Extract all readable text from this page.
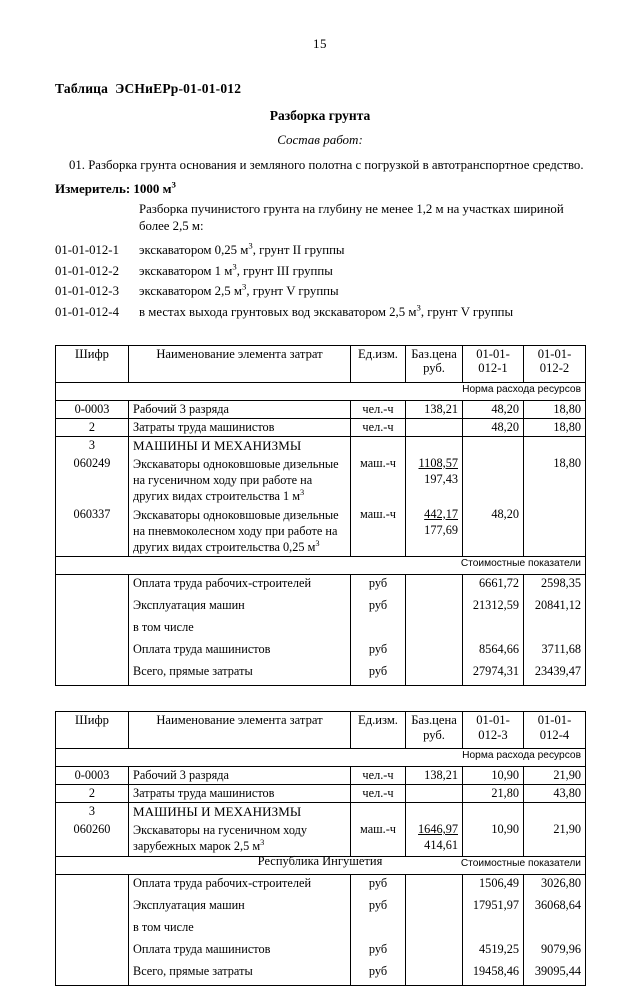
15
Таблица ЭСНиЕРр-01-01-012
Разборка грунта
Состав работ:
01. Разборка грунта основания и земляного полотна с погрузкой в автотранспортное средство.
Измеритель: 1000 $м^3$
Разборка пучинистого грунта на глубину не менее 1,2 м на участках шириной более 2,5 м:
01-01-012-1	экскаватором 0,25 $м^3$, грунт II группы
01-01-012-2	экскаватором 1 $м^3$, грунт III группы
01-01-012-3	экскаватором 2,5 $м^3$, грунт V группы
01-01-012-4	в местах выхода грунтовых вод экскаватором 2,5 $м^3$, грунт V группы
Шифр	Наименование элемента затрат	Ед.изм.	Баз.цена
руб.	01-01-012-1	01-01-012-2
Норма расхода ресурсов					
0-0003	Рабочий 3 разряда	чел.-ч	138,21	48,20	18,80
2	Затраты труда машинистов	чел.-ч		48,20	18,80
3	МАШИНЫ И МЕХАНИЗМЫ				
060249	Экскаваторы одноковшовые дизельные на гусеничном ходу при работе на других видах строительства 1 $м^3$	маш.-ч	1108,57
197,43		18,80
060337	Экскаваторы одноковшовые дизельные на пневмоколесном ходу при работе на других видах строительства 0,25 $м^3$	маш.-ч	442,17
177,69	48,20	
Стоимостные показатели					
	Оплата труда рабочих-строителей	руб		6661,72	2598,35
	Эксплуатация машин	руб		21312,59	20841,12
	в том числе				
	Оплата труда машинистов	руб		8564,66	3711,68
	Всего, прямые затраты	руб		27974,31	23439,47
Шифр	Наименование элемента затрат	Ед.изм.	Баз.цена
руб.	01-01-012-3	01-01-012-4
Норма расхода ресурсов					
0-0003	Рабочий 3 разряда	чел.-ч	138,21	10,90	21,90
2	Затраты труда машинистов	чел.-ч		21,80	43,80
3	МАШИНЫ И МЕХАНИЗМЫ				
060260	Экскаваторы на гусеничном ходу зарубежных марок 2,5 $м^3$	маш.-ч	1646,97
414,61	10,90	21,90
Стоимостные показатели					
	Оплата труда рабочих-строителей	руб		1506,49	3026,80
	Эксплуатация машин	руб		17951,97	36068,64
	в том числе				
	Оплата труда машинистов	руб		4519,25	9079,96
	Всего, прямые затраты	руб		19458,46	39095,44
Республика Ингушетия
